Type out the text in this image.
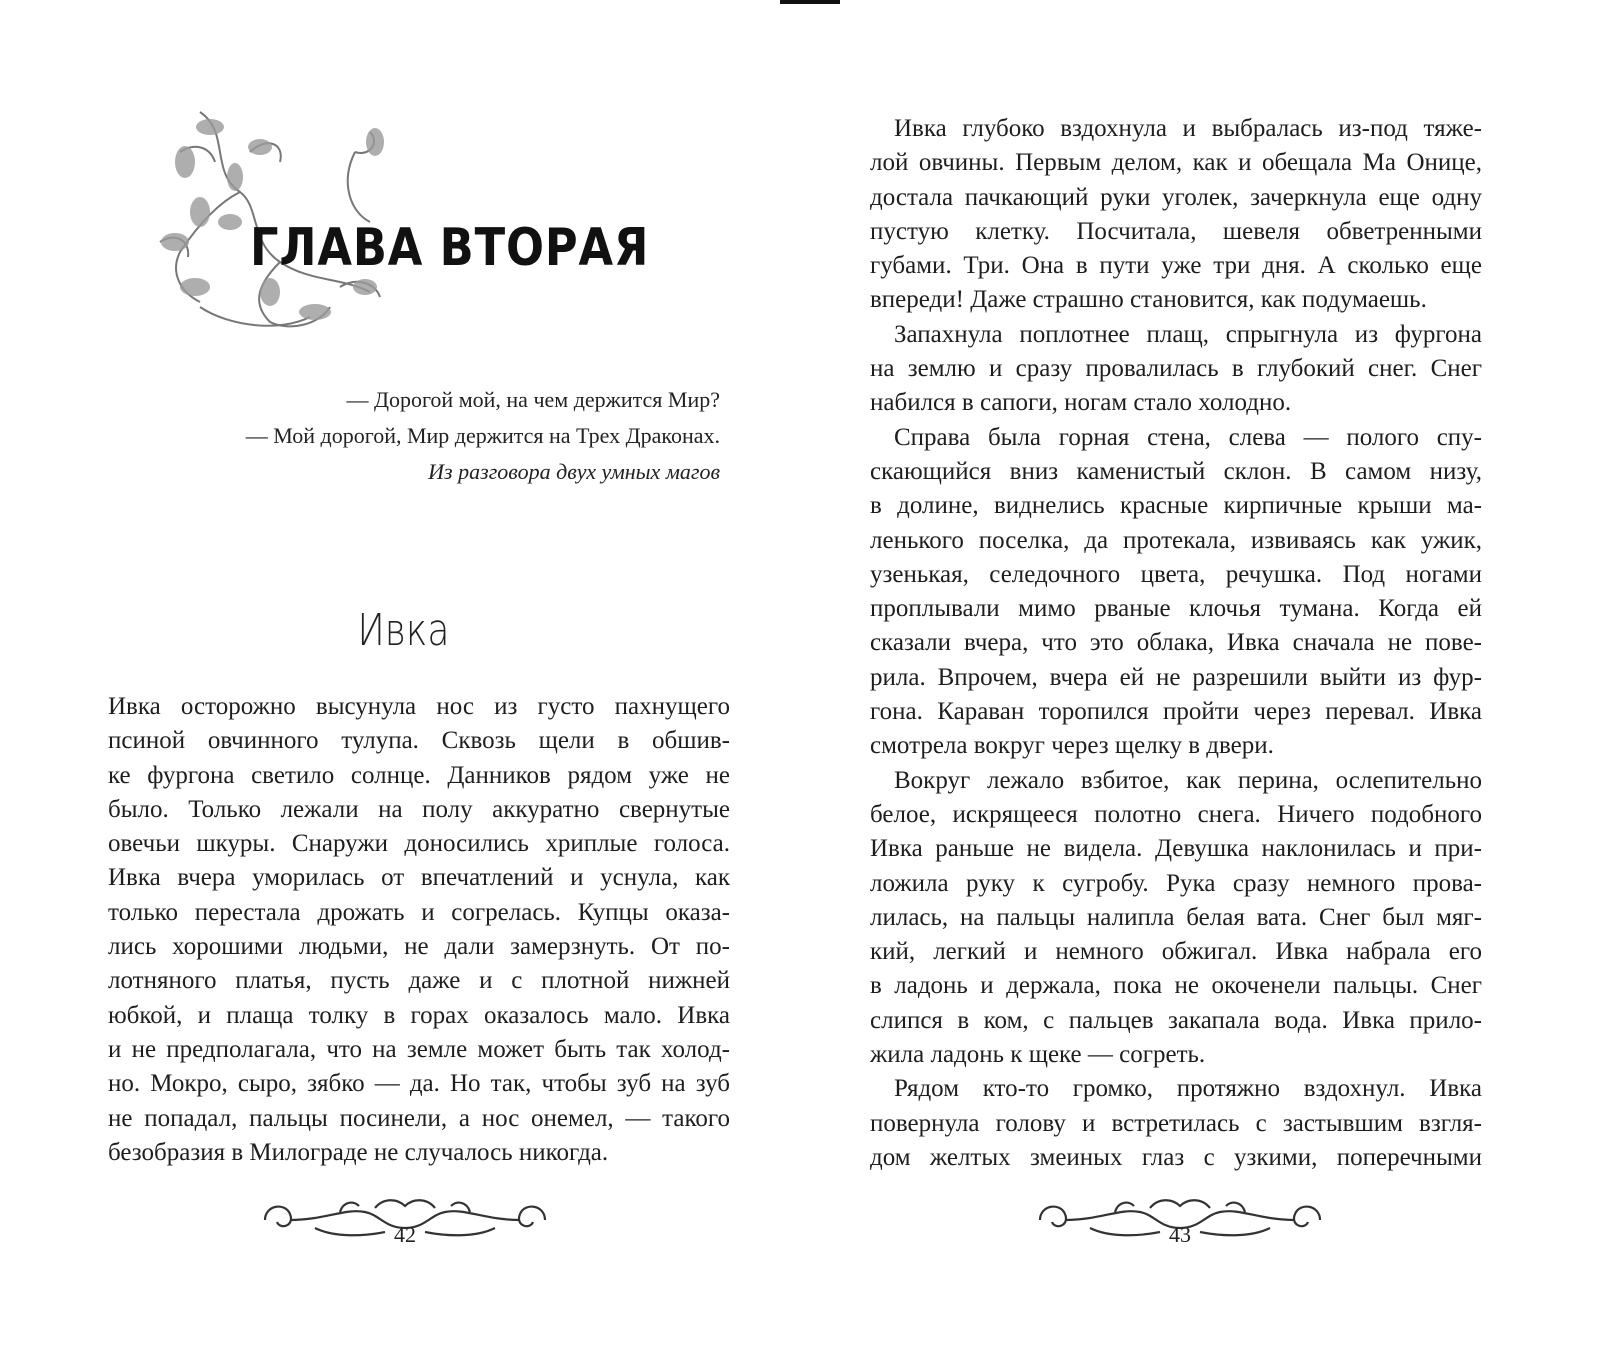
ГЛАВА ВТОРАЯ
— Дорогой мой, на чем держится Мир?
— Мой дорогой, Мир держится на Трех Драконах.
Из разговора двух умных магов
Ивка
Ивка осторожно высунула нос из густо пахнущего
псиной овчинного тулупа. Сквозь щели в обшив-
ке фургона светило солнце. Данников рядом уже не
было. Только лежали на полу аккуратно свернутые
овечьи шкуры. Снаружи доносились хриплые голоса.
Ивка вчера уморилась от впечатлений и уснула, как
только перестала дрожать и согрелась. Купцы оказа-
лись хорошими людьми, не дали замерзнуть. От по-
лотняного платья, пусть даже и с плотной нижней
юбкой, и плаща толку в горах оказалось мало. Ивка
и не предполагала, что на земле может быть так холод-
но. Мокро, сыро, зябко — да. Но так, чтобы зуб на зуб
не попадал, пальцы посинели, а нос онемел, — такого
безобразия в Милограде не случалось никогда.
42
Ивка глубоко вздохнула и выбралась из-под тяже-
лой овчины. Первым делом, как и обещала Ма Онице,
достала пачкающий руки уголек, зачеркнула еще одну
пустую клетку. Посчитала, шевеля обветренными
губами. Три. Она в пути уже три дня. А сколько еще
впереди! Даже страшно становится, как подумаешь.
Запахнула поплотнее плащ, спрыгнула из фургона
на землю и сразу провалилась в глубокий снег. Снег
набился в сапоги, ногам стало холодно.
Справа была горная стена, слева — полого спу-
скающийся вниз каменистый склон. В самом низу,
в долине, виднелись красные кирпичные крыши ма-
ленького поселка, да протекала, извиваясь как ужик,
узенькая, селедочного цвета, речушка. Под ногами
проплывали мимо рваные клочья тумана. Когда ей
сказали вчера, что это облака, Ивка сначала не пове-
рила. Впрочем, вчера ей не разрешили выйти из фур-
гона. Караван торопился пройти через перевал. Ивка
смотрела вокруг через щелку в двери.
Вокруг лежало взбитое, как перина, ослепительно
белое, искрящееся полотно снега. Ничего подобного
Ивка раньше не видела. Девушка наклонилась и при-
ложила руку к сугробу. Рука сразу немного прова-
лилась, на пальцы налипла белая вата. Снег был мяг-
кий, легкий и немного обжигал. Ивка набрала его
в ладонь и держала, пока не окоченели пальцы. Снег
слипся в ком, с пальцев закапала вода. Ивка прило-
жила ладонь к щеке — согреть.
Рядом кто-то громко, протяжно вздохнул. Ивка
повернула голову и встретилась с застывшим взгля-
дом желтых змеиных глаз с узкими, поперечными
43
